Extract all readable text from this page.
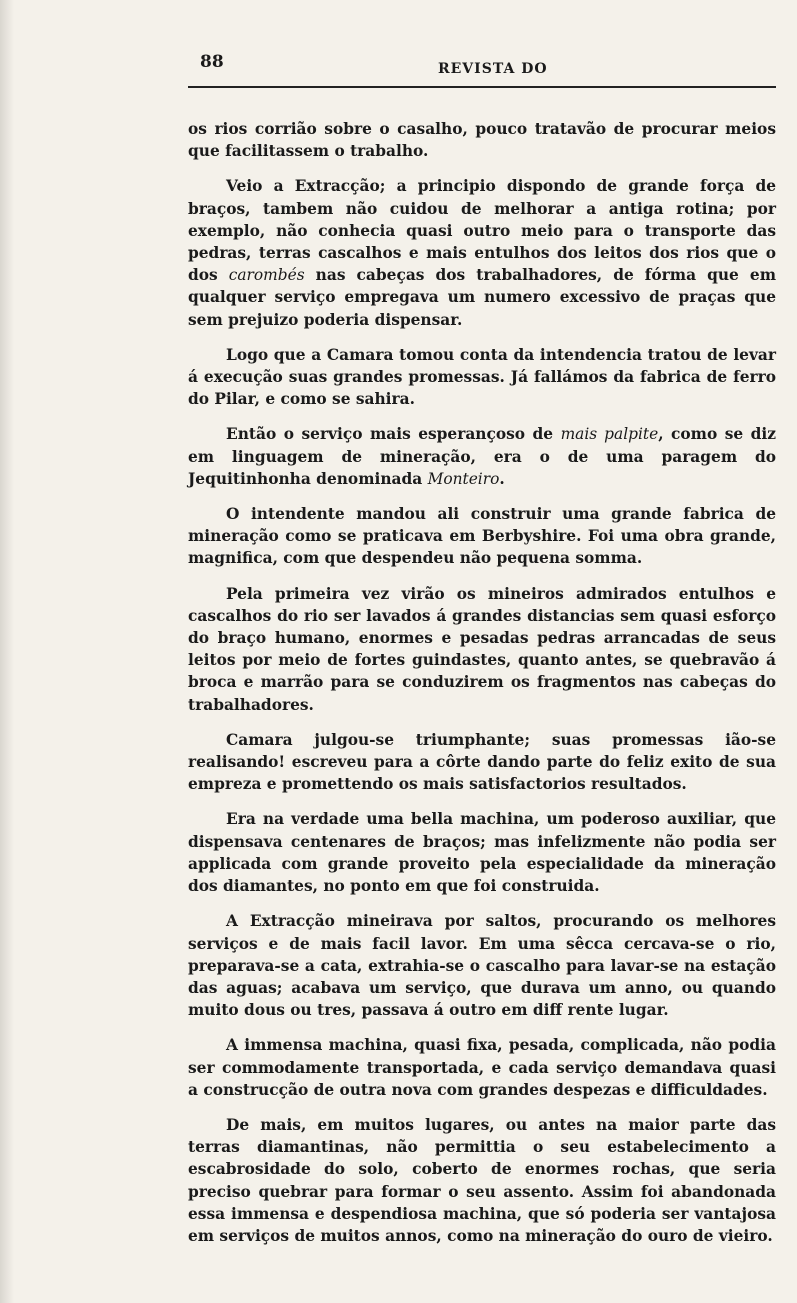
88	REVISTA DO

os rios corrião sobre o casalho, pouco tratavão de procurar meios que facilitassem o trabalho.

Veio a Extracção; a principio dispondo de grande força de braços, tambem não cuidou de melhorar a antiga rotina; por exemplo, não conhecia quasi outro meio para o transporte das pedras, terras cascalhos e mais entulhos dos leitos dos rios que o dos carombés nas cabeças dos trabalhadores, de fórma que em qualquer serviço empregava um numero excessivo de praças que sem prejuizo poderia dispensar.

Logo que a Camara tomou conta da intendencia tratou de levar á execução suas grandes promessas. Já fallámos da fabrica de ferro do Pilar, e como se sahira.

Então o serviço mais esperançoso de mais palpite, como se diz em linguagem de mineração, era o de uma paragem do Jequitinhonha denominada Monteiro.

O intendente mandou ali construir uma grande fabrica de mineração como se praticava em Berbyshire. Foi uma obra grande, magnifica, com que despendeu não pequena somma.

Pela primeira vez virão os mineiros admirados entulhos e cascalhos do rio ser lavados á grandes distancias sem quasi esforço do braço humano, enormes e pesadas pedras arrancadas de seus leitos por meio de fortes guindastes, quanto antes, se quebravão á broca e marrão para se conduzirem os fragmentos nas cabeças do trabalhadores.

Camara julgou-se triumphante; suas promessas ião-se realisando! escreveu para a côrte dando parte do feliz exito de sua empreza e promettendo os mais satisfactorios resultados.

Era na verdade uma bella machina, um poderoso auxiliar, que dispensava centenares de braços; mas infelizmente não podia ser applicada com grande proveito pela especialidade da mineração dos diamantes, no ponto em que foi construida.

A Extracção mineirava por saltos, procurando os melhores serviços e de mais facil lavor. Em uma sêcca cercava-se o rio, preparava-se a cata, extrahia-se o cascalho para lavar-se na estação das aguas; acabava um serviço, que durava um anno, ou quando muito dous ou tres, passava á outro em diff rente lugar.

A immensa machina, quasi fixa, pesada, complicada, não podia ser commodamente transportada, e cada serviço demandava quasi a construcção de outra nova com grandes despezas e difficuldades.

De mais, em muitos lugares, ou antes na maior parte das terras diamantinas, não permittia o seu estabelecimento a escabrosidade do solo, coberto de enormes rochas, que seria preciso quebrar para formar o seu assento. Assim foi abandonada essa immensa e despendiosa machina, que só poderia ser vantajosa em serviços de muitos annos, como na mineração do ouro de vieiro.
